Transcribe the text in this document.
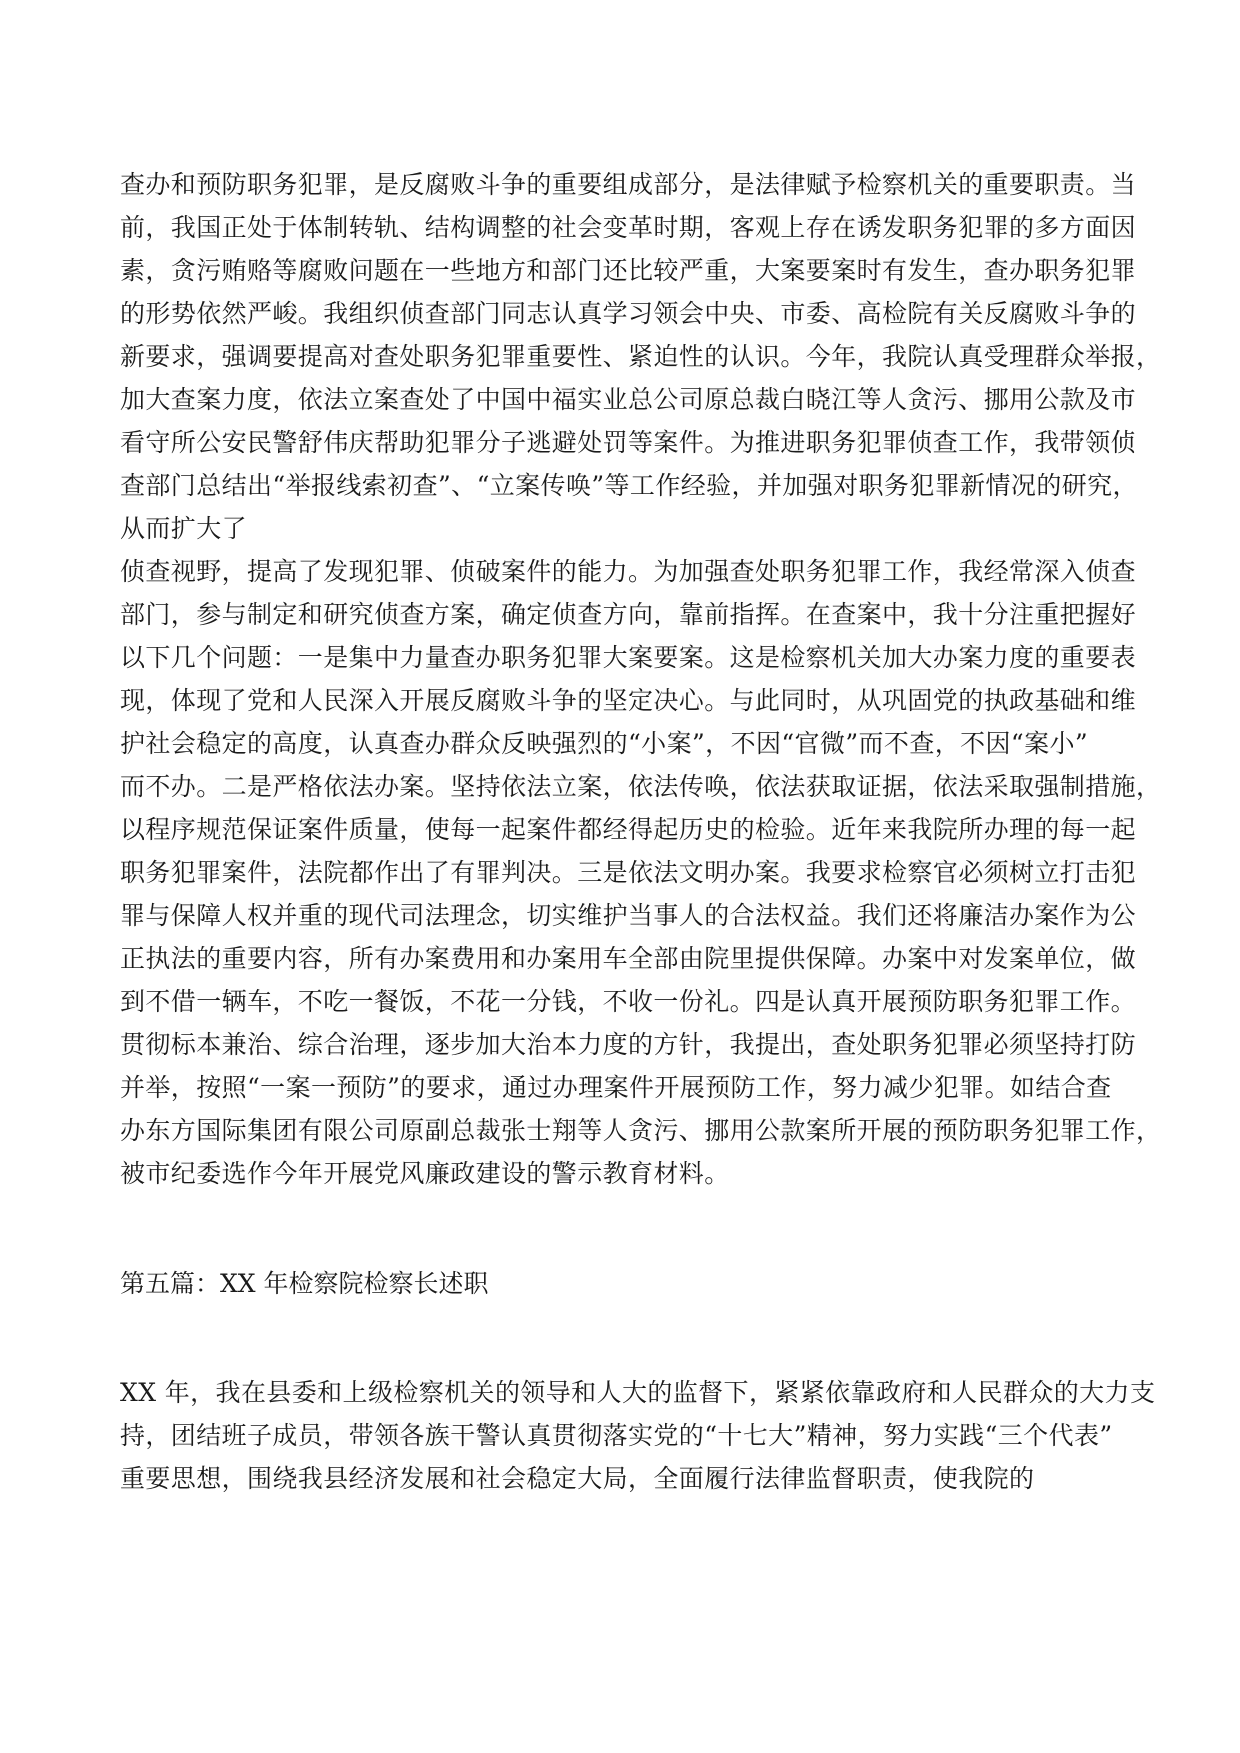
查办和预防职务犯罪，是反腐败斗争的重要组成部分，是法律赋予检察机关的重要职责。当
前，我国正处于体制转轨、结构调整的社会变革时期，客观上存在诱发职务犯罪的多方面因
素，贪污贿赂等腐败问题在一些地方和部门还比较严重，大案要案时有发生，查办职务犯罪
的形势依然严峻。我组织侦查部门同志认真学习领会中央、市委、高检院有关反腐败斗争的
新要求，强调要提高对查处职务犯罪重要性、紧迫性的认识。今年，我院认真受理群众举报，
加大查案力度，依法立案查处了中国中福实业总公司原总裁白晓江等人贪污、挪用公款及市
看守所公安民警舒伟庆帮助犯罪分子逃避处罚等案件。为推进职务犯罪侦查工作，我带领侦
查部门总结出“举报线索初查”、“立案传唤”等工作经验，并加强对职务犯罪新情况的研究，
从而扩大了
侦查视野，提高了发现犯罪、侦破案件的能力。为加强查处职务犯罪工作，我经常深入侦查
部门，参与制定和研究侦查方案，确定侦查方向，靠前指挥。在查案中，我十分注重把握好
以下几个问题：一是集中力量查办职务犯罪大案要案。这是检察机关加大办案力度的重要表
现，体现了党和人民深入开展反腐败斗争的坚定决心。与此同时，从巩固党的执政基础和维
护社会稳定的高度，认真查办群众反映强烈的“小案”，不因“官微”而不查，不因“案小”
而不办。二是严格依法办案。坚持依法立案，依法传唤，依法获取证据，依法采取强制措施，
以程序规范保证案件质量，使每一起案件都经得起历史的检验。近年来我院所办理的每一起
职务犯罪案件，法院都作出了有罪判决。三是依法文明办案。我要求检察官必须树立打击犯
罪与保障人权并重的现代司法理念，切实维护当事人的合法权益。我们还将廉洁办案作为公
正执法的重要内容，所有办案费用和办案用车全部由院里提供保障。办案中对发案单位，做
到不借一辆车，不吃一餐饭，不花一分钱，不收一份礼。四是认真开展预防职务犯罪工作。
贯彻标本兼治、综合治理，逐步加大治本力度的方针，我提出，查处职务犯罪必须坚持打防
并举，按照“一案一预防”的要求，通过办理案件开展预防工作，努力减少犯罪。如结合查
办东方国际集团有限公司原副总裁张士翔等人贪污、挪用公款案所开展的预防职务犯罪工作，
被市纪委选作今年开展党风廉政建设的警示教育材料。
第五篇：XX 年检察院检察长述职
XX 年，我在县委和上级检察机关的领导和人大的监督下，紧紧依靠政府和人民群众的大力支
持，团结班子成员，带领各族干警认真贯彻落实党的“十七大”精神，努力实践“三个代表”
重要思想，围绕我县经济发展和社会稳定大局，全面履行法律监督职责，使我院的
